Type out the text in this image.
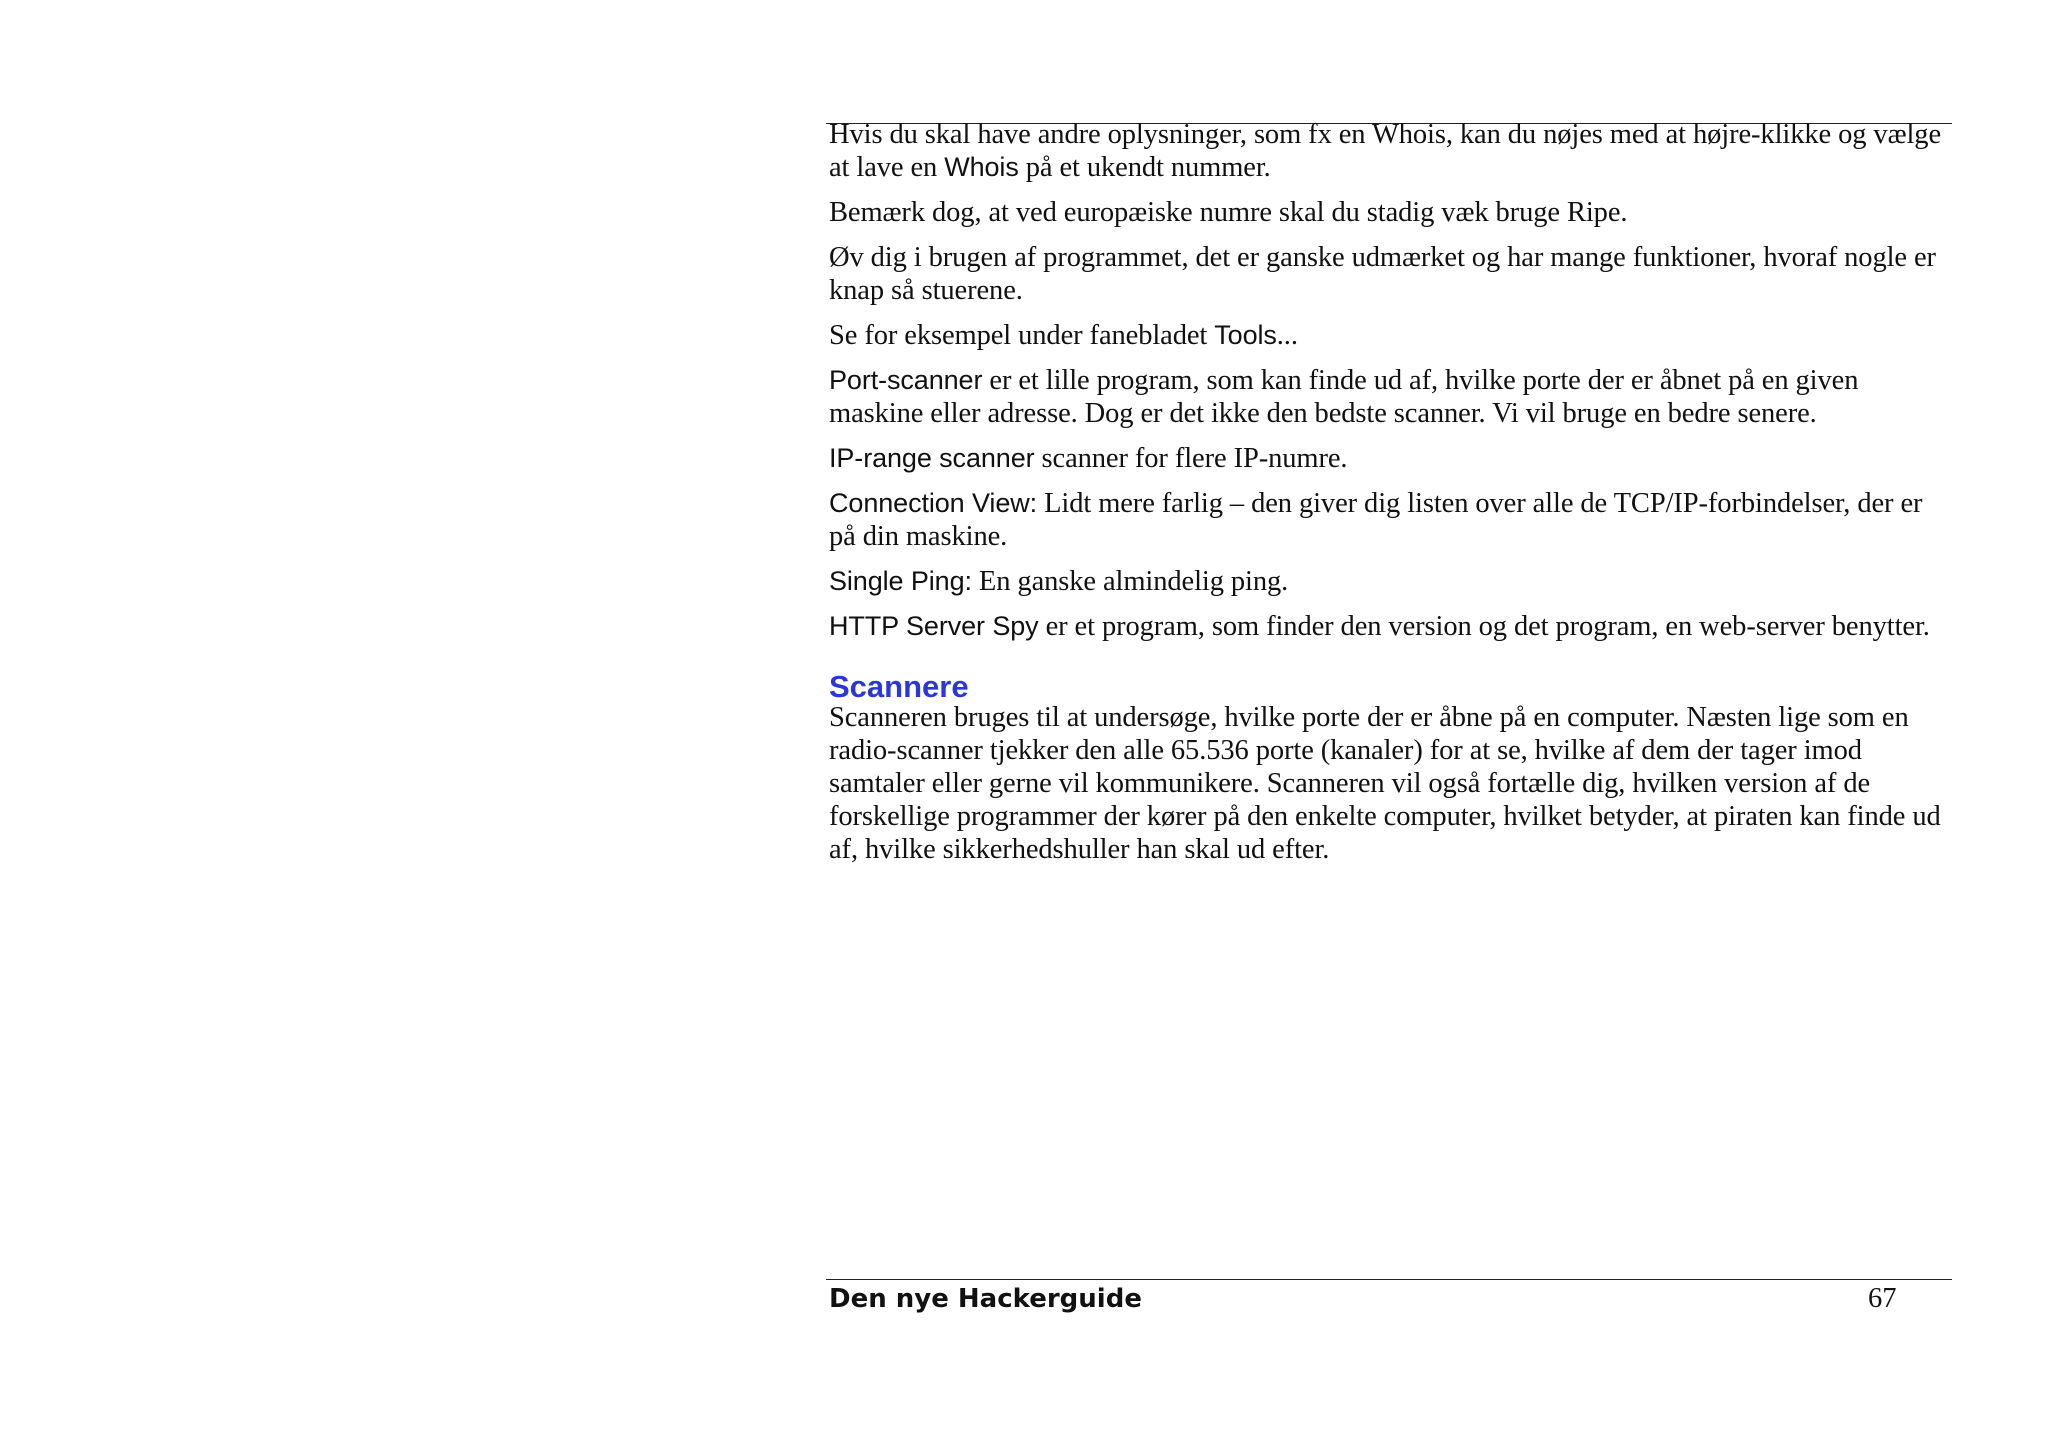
Hvis du skal have andre oplysninger, som fx en Whois, kan du nøjes med at højre-klikke og vælge at lave en Whois på et ukendt nummer.

Bemærk dog, at ved europæiske numre skal du stadig væk bruge Ripe.

Øv dig i brugen af programmet, det er ganske udmærket og har mange funktioner, hvoraf nogle er knap så stuerene.

Se for eksempel under fanebladet Tools...

Port-scanner er et lille program, som kan finde ud af, hvilke porte der er åbnet på en given maskine eller adresse. Dog er det ikke den bedste scanner. Vi vil bruge en bedre senere.

IP-range scanner scanner for flere IP-numre.

Connection View: Lidt mere farlig – den giver dig listen over alle de TCP/IP-forbindelser, der er på din maskine.

Single Ping: En ganske almindelig ping.

HTTP Server Spy er et program, som finder den version og det program, en web-server benytter.

Scannere

Scanneren bruges til at undersøge, hvilke porte der er åbne på en computer. Næsten lige som en radio-scanner tjekker den alle 65.536 porte (kanaler) for at se, hvilke af dem der tager imod samtaler eller gerne vil kommunikere. Scanneren vil også fortælle dig, hvilken version af de forskellige programmer der kører på den enkelte computer, hvilket betyder, at piraten kan finde ud af, hvilke sikkerhedshuller han skal ud efter.

Den nye Hackerguide	67
